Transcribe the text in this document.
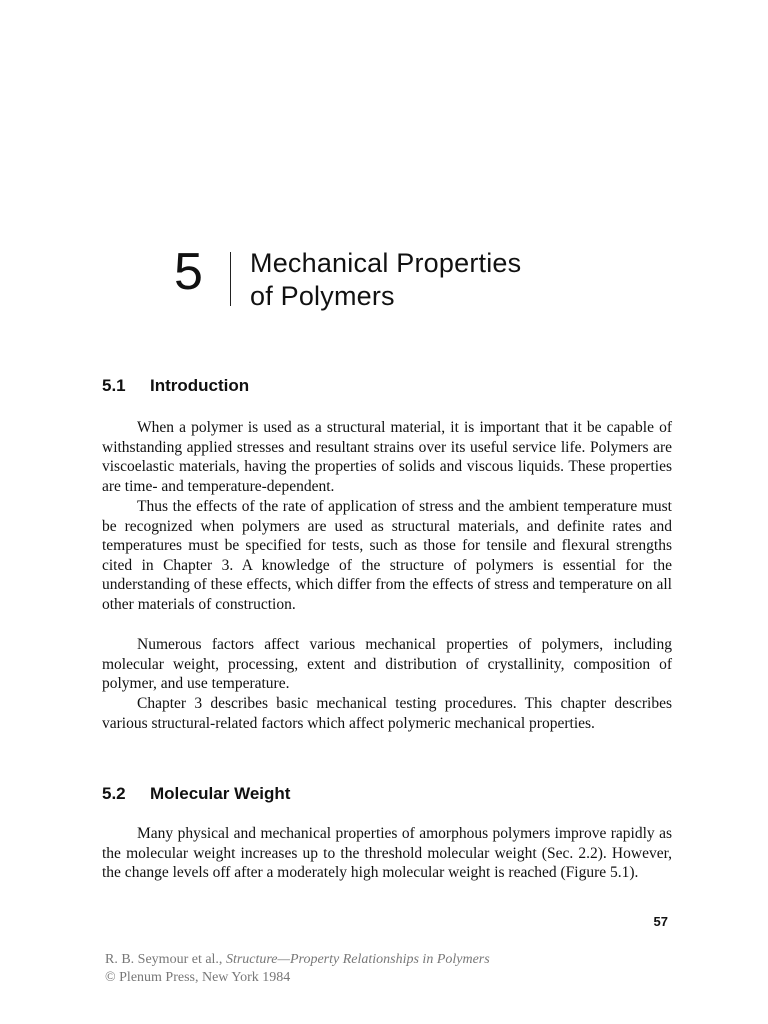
5 Mechanical Properties
of Polymers
5.1 Introduction

When a polymer is used as a structural material, it is important that it be capable of withstanding applied stresses and resultant strains over its useful service life. Polymers are viscoelastic materials, having the properties of solids and viscous liquids. These properties are time- and temperature-dependent.

Thus the effects of the rate of application of stress and the ambient temperature must be recognized when polymers are used as structural materials, and definite rates and temperatures must be specified for tests, such as those for tensile and flexural strengths cited in Chapter 3. A knowledge of the structure of polymers is essential for the understanding of these effects, which differ from the effects of stress and temperature on all other materials of construction.

Numerous factors affect various mechanical properties of polymers, including molecular weight, processing, extent and distribution of crystallinity, composition of polymer, and use temperature.

Chapter 3 describes basic mechanical testing procedures. This chapter describes various structural-related factors which affect polymeric mechanical properties.

5.2 Molecular Weight

Many physical and mechanical properties of amorphous polymers improve rapidly as the molecular weight increases up to the threshold molecular weight (Sec. 2.2). However, the change levels off after a moderately high molecular weight is reached (Figure 5.1).

57
R. B. Seymour et al., Structure—Property Relationships in Polymers
© Plenum Press, New York 1984
